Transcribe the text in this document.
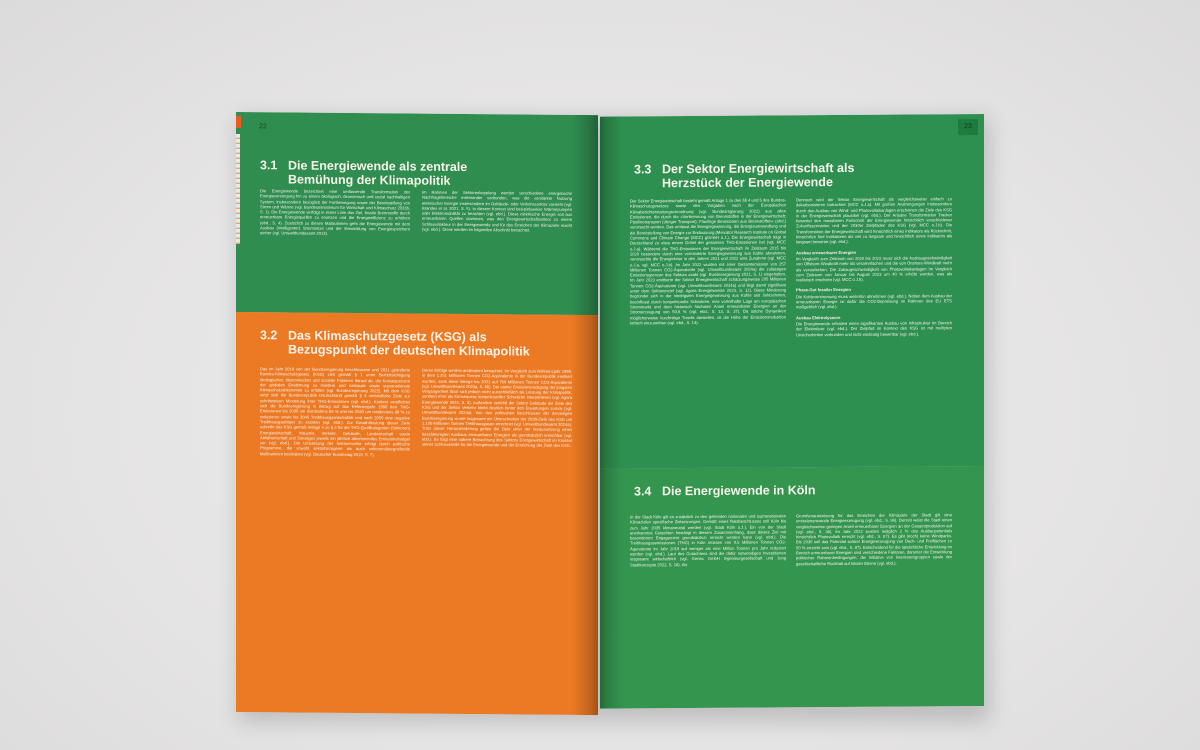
22
3.1 Die Energiewende als zentrale
Bemühung der Klimapolitik

Die Energiewende bezeichnet eine umfassende Transformation der Energieversorgung hin zu einem ökologisch, ökonomisch und sozial nachhaltigen System, insbesondere bezüglich der Fortbewegung sowie der Bereitstellung von Strom und Wärme (vgl. Bundesministerium für Wirtschaft und Klimaschutz 2023b, S. 1). Die Energiewende verfolgt in erster Linie das Ziel, fossile Brennstoffe durch erneuerbare Energiequellen zu ersetzen und die Energieeffizienz zu erhöhen (ebd., S. 4). Zusätzlich zu diesen Maßnahmen geht die Energiewende mit dem Ausbau (intelligenter) Stromnetze und der Entwicklung von Energiespeichern einher (vgl. Umweltbundesamt 2013).

Im Rahmen der Sektorenkopplung werden verschiedene energetische Nachfragebereiche miteinander verbunden, was die verstärkte Nutzung elektrischer Energie insbesondere im Gebäude- oder Verkehrssektor vorsieht (vgl. Brandes et al. 2021, S. 5). In diesem Kontext sind beispielsweise Wärmepumpen oder Elektromobilität zu beachten (vgl. ebd.). Diese elektrische Energie soll aus erneuerbaren Quellen stammen, was den Energiewirtschaftssektor zu einem Schlüsselakteur in der Energiewende und für das Erreichen der Klimaziele macht (vgl. ebd.). Diese werden im folgenden Abschnitt betrachtet.

3.2 Das Klimaschutzgesetz (KSG) als
Bezugspunkt der deutschen Klimapolitik

Das im Jahr 2019 von der Bundesregierung beschlossene und 2021 geänderte Bundes-Klimaschutzgesetz (KSG) zielt gemäß § 1 unter Berücksichtigung ökologischer, ökonomischer und sozialer Faktoren darauf ab, die Konsequenzen der globalen Erwärmung zu mindern und nationale sowie supranationale Klimaschutzabkommen zu erfüllen (vgl. Bundesregierung 2022). Mit dem KSG setzt sich die Bundesrepublik Deutschland gemäß § 3 verbindliche Ziele zur schrittweisen Minderung ihrer THG-Emissionen (vgl. ebd.). Konkret verpflichtet sich die Bundesregierung in Bezug auf das Referenzjahr 1990 ihre THG-Emissionen bis 2030 um mindestens 65 % und bis 2040 um mindestens 88 % zu reduzieren sowie bis 2045 Treibhausgasneutralität und nach 2050 eine negative Treibhausgasbilanz zu erzielen (vgl. ebd.). Zur Gewährleistung dieser Ziele schreibt das KSG gemäß Anlage 4 zu § 2 für die THG-Quellkategorien (Sektoren) Energiewirtschaft, Industrie, Verkehr, Gebäude, Landwirtschaft sowie Abfallwirtschaft und Sonstiges jeweils ein jährlich abnehmendes Emissionsbudget vor (vgl. ebd.). Die Umsetzung der Sektorenziele erfolgt durch politische Programme, die sowohl sektorbezogene als auch sektorenübergreifende Maßnahmen beinhalten (vgl. Deutscher Bundestag 2019, S. 7).

Deren Erfolge werden ambivalent betrachtet. Im Vergleich zum Referenzjahr 1990, in dem 1.251 Millionen Tonnen CO2-Äquivalente in der Bundesrepublik emittiert wurden, sank diese Menge bis 2021 auf 760 Millionen Tonnen CO2-Äquivalente (vgl. Umweltbundesamt 2023a, S. 66). Der starke Emissionsrückgang der jüngsten Vergangenheit lässt sich jedoch nicht ausschließlich als Leistung der Klimapolitik, sondern eher als Konsequenz konjunktureller Schwäche interpretieren (vgl. Agora Energiewende 2024, S. 3). Außerdem verfehlt der Sektor Gebäude die Ziele des KSG und der Sektor Verkehr bleibt deutlich hinter den Erwartungen zurück (vgl. Umweltbundesamt 2024a). Von den politischen Beschlüssen der derzeitigen Bundesregierung wurde insgesamt ein Überschreiten der 2030-Ziele des KSG um 1.100 Millionen Tonnen Treibhausgasen errechnet (vgl. Umweltbundesamt 2024a). Trotz dieser Herausforderung gelten die Ziele unter der Voraussetzung eines beschleunigten Ausbaus erneuerbarer Energien als grundsätzlich erreichbar (vgl. ebd.). Es folgt eine nähere Betrachtung des Sektors Energiewirtschaft im Kontext seiner Schlüsselrolle für die Energiewende und der Erreichung der Ziele des KSG.

23
3.3 Der Sektor Energiewirtschaft als
Herzstück der Energiewende

Der Sektor Energiewirtschaft besteht gemäß Anlage 1 zu den §§ 4 und 5 des Bundes-Klimaschutzgesetzes sowie den Vorgaben nach der Europäischen Klimaberichterstattungsverordnung (vgl. Bundesregierung 2022) aus allen Emissionen, die durch die »Verbrennung von Brennstoffen in der Energiewirtschaft; Pipelinetransport (übriger Transport); Flüchtige Emissionen aus Brennstoffen« (ebd.) verursacht werden. Das umfasst die Energiegewinnung, die Energieumwandlung und die Bereitstellung von Energie zur Endnutzung (Mercator Research Institute on Global Commons and Climate Change (MCC) gGmbH o.J.). Die Energiewirtschaft trägt in Deutschland zu etwa einem Drittel der gesamten THG-Emissionen bei (vgl. MCC o.J.a). Während die THG-Emissionen der Energiewirtschaft im Zeitraum 2015 bis 2020 besonders durch eine verminderte Energiegewinnung aus Kohle abnahmen, verursachte die Energiekrise in den Jahren 2021 und 2022 eine Zunahme (vgl. MCC o.J.a, vgl. MCC o.J.b). Im Jahr 2022 wurden mit einer Gesamtemission von 257 Millionen Tonnen CO2-Äquivalente (vgl. Umweltbundesamt 2024a) die zulässigen Emissionsgrenzen des Sektors exakt (vgl. Bundesregierung 2021, S. 1) eingehalten. Im Jahr 2023 emittierte der Sektor Energiewirtschaft schätzungsweise 205 Millionen Tonnen CO2-Äquivalente (vgl. Umweltbundesamt 2024a) und liegt damit signifikant unter dem Sektorenziel (vgl. Agora Energiewende 2023, S. 12). Diese Minderung begründet sich in der niedrigsten Energiegewinnung aus Kohle seit Jahrzehnten, beeinflusst durch konjunkturelle Schwäche, eine vorteilhafte Lage am europäischen Strommarkt und dem historisch höchsten Anteil erneuerbarer Energien an der Stromerzeugung von 50,6 % (vgl. ebd., S. 13, S. 37). Da solche Dynamiken möglicherweise kurzfristige Trends darstellen, ist die Höhe der Emissionsreduktion kritisch einzuordnen (vgl. ebd., S. 13).

Dennoch wird der Sektor Energiewirtschaft als vergleichsweise einfach zu dekarbonisieren betrachtet (MCC o.J.a). Mit großen Anstrengungen insbesondere durch den Ausbau von Wind- und Photovoltaikanlagen erscheinen die Ziele des KSG in der Energiewirtschaft plausibel (vgl. ebd.). Der Ariadne Transformation Tracker bewertet den messbaren Fortschritt der Energiewende hinsichtlich verschiedener Zukunftsszenarien und der 2030er Zielpfaden des KSG (vgl. MCC o.J.b). Die Transformation der Energiewirtschaft wird hinsichtlich eines Indikators als Rückschritt, hinsichtlich fünf Indikatoren als viel zu langsam und hinsichtlich eines Indikators als langsam bewertet (vgl. ebd.).

Ausbau erneuerbarer Energien

Im Vergleich zum Zeitraum von 2020 bis 2022 muss sich die Ausbaugeschwindigkeit von Offshore-Windkraft mehr als verzehnfachen und die von Onshore-Windkraft mehr als verviefachen. Die Zubaugeschwindigkeit von Photovoltaikanlagen im Vergleich zum Zeitraum von Januar bis August 2023 um 40 % erhöht werden, was als realistisch erscheint (vgl. MCC o.J.b).

Phase-Out fossiler Energien

Die Kohleverstromung muss weiterhin abnehmen (vgl. ebd.). Neben dem Ausbau der erneuerbaren Energie ist dafür die CO2-Bepreisung im Rahmen des EU ETS maßgeblich (vgl. ebd.).

Ausbau Elektrolyseure

Die Energiewende erfordert einen signifikanten Ausbau von Infrastruktur im Bereich der Elektrolyse (vgl. ebd.). Der Zielpfad im Kontext des KSG ist mit multiplen Unsicherheiten verbunden und nicht eindeutig bewertbar (vgl. ebd.).

3.4 Die Energiewende in Köln

In der Stadt Köln gilt es zusätzlich zu den geltenden nationalen und supranationalen Klimazielen spezifische Zielsetzungen. Gemäß eines Ratsbeschlusses soll Köln bis zum Jahr 2035 klimaneutral werden (vgl. Stadt Köln o.J.). Ein von der Stadt anerkanntes Gutachten bestätigt in diesem Zusammenhang, dass dieses Ziel mit besonderem Engagement grundsätzlich erreicht werden kann (vgl. ebd.). Die Treibhausgasemissionen (THG) in Köln müssen von 9,5 Millionen Tonnen CO2-Äquivalente im Jahr 2019 auf weniger als eine Million Tonnen pro Jahr reduziert werden (vgl. ebd.). Laut des Gutachtens sind die dafür notwendigen Investitionen insgesamt wirtschaftlich (vgl. Gertec GmbH Ingenieurgesellschaft und Jung Stadtkonzepte 2022, S. 18). Als

Grundvoraussetzung für das Erreichen der Klimaziele der Stadt gilt eine emissionsneutrale Energieerzeugung (vgl. ebd., S. 86). Derzeit weist die Stadt einen vergleichsweise geringen Anteil erneuerbarer Energien an der Gesamtproduktion auf (vgl. ebd., S. 38). Im Jahr 2022 wurden lediglich 2 % des Ausbaupotentials hinsichtlich Photovoltaik erreicht (vgl. ebd., S. 87). Es gibt (noch) keine Windparks. Bis 2030 soll das Potential solarer Energieerzeugung von Dach- und Freiflächen zu 50 % erreicht sein (vgl. ebd., S. 87). Entscheidend für die tatsächliche Entwicklung im Bereich erneuerbarer Energien sind verschiedene Faktoren, darunter die Entwicklung politischer Rahmenbedingungen, die Initiative von Interessengruppen sowie der gesellschaftliche Rückhalt auf lokaler Ebene (vgl. ebd.).
